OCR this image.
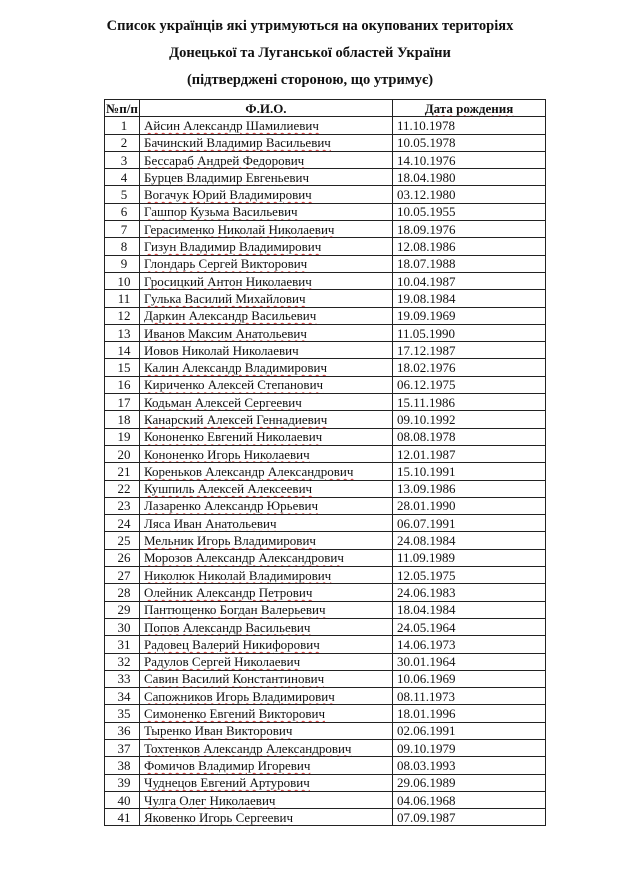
Список українців які утримуються на окупованих територіях
Донецької та Луганської областей України
(підтверджені стороною, що утримує)
№п/п	Ф.И.О.	Дата рождения
1	Айсин Александр Шамилиевич	11.10.1978
2	Бачинский Владимир Васильевич	10.05.1978
3	Бессараб Андрей Федорович	14.10.1976
4	Бурцев Владимир Евгеньевич	18.04.1980
5	Вогачук Юрий Владимирович	03.12.1980
6	Гашпор Кузьма Васильевич	10.05.1955
7	Герасименко Николай Николаевич	18.09.1976
8	Гизун Владимир Владимирович	12.08.1986
9	Глондарь Сергей Викторович	18.07.1988
10	Гросицкий Антон Николаевич	10.04.1987
11	Гулька Василий Михайлович	19.08.1984
12	Даркин Александр Васильевич	19.09.1969
13	Иванов Максим Анатольевич	11.05.1990
14	Иовов Николай Николаевич	17.12.1987
15	Калин Александр Владимирович	18.02.1976
16	Кириченко Алексей Степанович	06.12.1975
17	Кодьман Алексей Сергеевич	15.11.1986
18	Канарский Алексей Геннадиевич	09.10.1992
19	Кононенко Евгений Николаевич	08.08.1978
20	Кононенко Игорь Николаевич	12.01.1987
21	Кореньков Александр Александрович	15.10.1991
22	Кушпиль Алексей Алексеевич	13.09.1986
23	Лазаренко Александр Юрьевич	28.01.1990
24	Ляса Иван Анатольевич	06.07.1991
25	Мельник Игорь Владимирович	24.08.1984
26	Морозов Александр Александрович	11.09.1989
27	Николюк Николай Владимирович	12.05.1975
28	Олейник Александр Петрович	24.06.1983
29	Пантющенко Богдан Валерьевич	18.04.1984
30	Попов Александр Васильевич	24.05.1964
31	Радовец Валерий Никифорович	14.06.1973
32	Радулов Сергей Николаевич	30.01.1964
33	Савин Василий Константинович	10.06.1969
34	Сапожников Игорь Владимирович	08.11.1973
35	Симоненко Евгений Викторович	18.01.1996
36	Тыренко Иван Викторович	02.06.1991
37	Тохтенков Александр Александрович	09.10.1979
38	Фомичов Владимир Игоревич	08.03.1993
39	Чуднецов Евгений Артурович	29.06.1989
40	Чулга Олег Николаевич	04.06.1968
41	Яковенко Игорь Сергеевич	07.09.1987
